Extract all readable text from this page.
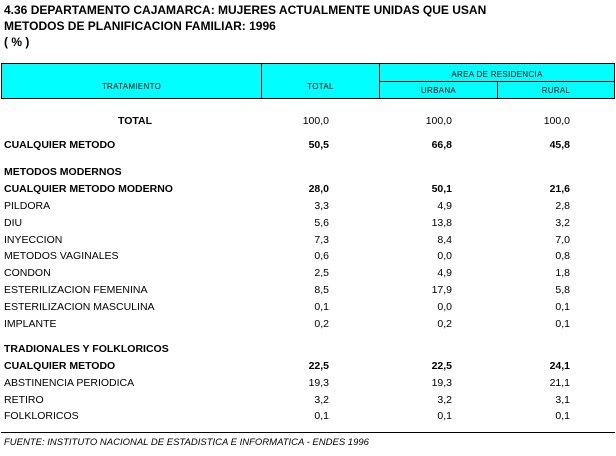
4.36 DEPARTAMENTO CAJAMARCA: MUJERES ACTUALMENTE UNIDAS QUE USAN
METODOS DE PLANIFICACION FAMILIAR: 1996
( % )
TRATAMIENTO	TOTAL
AREA DE RESIDENCIA
URBANA	RURAL
TOTAL	100,0	100,0	100,0
CUALQUIER METODO	50,5	66,8	45,8
METODOS MODERNOS
CUALQUIER METODO MODERNO	28,0	50,1	21,6
PILDORA	3,3	4,9	2,8
DIU	5,6	13,8	3,2
INYECCION	7,3	8,4	7,0
METODOS VAGINALES	0,6	0,0	0,8
CONDON	2,5	4,9	1,8
ESTERILIZACION FEMENINA	8,5	17,9	5,8
ESTERILIZACION MASCULINA	0,1	0,0	0,1
IMPLANTE	0,2	0,2	0,1
TRADIONALES Y FOLKLORICOS
CUALQUIER METODO	22,5	22,5	24,1
ABSTINENCIA PERIODICA	19,3	19,3	21,1
RETIRO	3,2	3,2	3,1
FOLKLORICOS	0,1	0,1	0,1
FUENTE: INSTITUTO NACIONAL DE ESTADISTICA E INFORMATICA - ENDES 1996
